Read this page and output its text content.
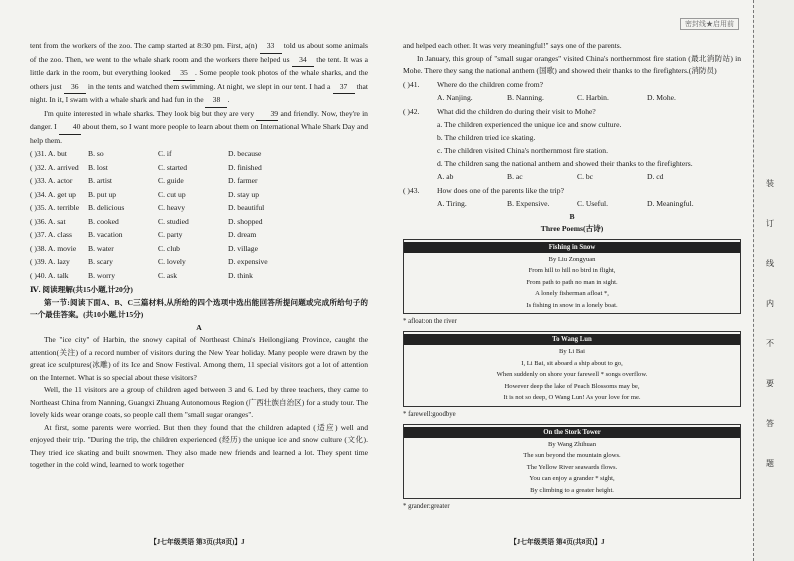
密封线★启用前

tent from the workers of the zoo. The camp started at 8:30 pm. First, a(n) 33 told us about some animals of the zoo. Then, we went to the whale shark room and the workers there helped us 34 the tent. It was a little dark in the room, but everything looked 35 . Some people took photos of the whale sharks, and the others just 36 in the tents and watched them swimming. At night, we slept in our tent. I had a 37 that night. In it, I swam with a whale shark and had fun in the 38 .

I'm quite interested in whale sharks. They look big but they are very 39 and friendly. Now, they're in danger. I 40 about them, so I want more people to learn about them on International Whale Shark Day and help them.

( )31. A. but	B. so	C. if	D. because
( )32. A. arrived	B. lost	C. started	D. finished
( )33. A. actor	B. artist	C. guide	D. farmer
( )34. A. get up	B. put up	C. cut up	D. stay up
( )35. A. terrible	B. delicious	C. heavy	D. beautiful
( )36. A. sat	B. cooked	C. studied	D. shopped
( )37. A. class	B. vacation	C. party	D. dream
( )38. A. movie	B. water	C. club	D. village
( )39. A. lazy	B. scary	C. lovely	D. expensive
( )40. A. talk	B. worry	C. ask	D. think
Ⅳ. 阅读理解(共15小题,计20分)

第一节:阅读下面A、B、C三篇材料,从所给的四个选项中选出能回答所提问题或完成所给句子的一个最佳答案。(共10小题,计15分)

A

The "ice city" of Harbin, the snowy capital of Northeast China's Heilongjiang Province, caught the attention(关注) of a record number of visitors during the New Year holiday. Many people were drawn by the great ice sculptures(冰雕) of its Ice and Snow Festival. Among them, 11 special visitors got a lot of attention on the Internet. What is so special about these visitors?

Well, the 11 visitors are a group of children aged between 3 and 6. Led by three teachers, they came to Northeast China from Nanning, Guangxi Zhuang Autonomous Region (广西壮族自治区) for a study tour. The lovely kids wear orange coats, so people call them "small sugar oranges".

At first, some parents were worried. But then they found that the children adapted (适应) well and enjoyed their trip. "During the trip, the children experienced (经历) the unique ice and snow culture (文化). They tried ice skating and built snowmen. They also made new friends and learned a lot. They spent time together in the cold wind, learned to work together

【J七年级英语 第3页(共8页)】J

and helped each other. It was very meaningful!" says one of the parents.

In January, this group of "small sugar oranges" visited China's northernmost fire station (最北消防站) in Mohe. There they sang the national anthem (国歌) and showed their thanks to the firefighters.(消防员)

( )41.	Where do the children come from?
A. Nanjing.	B. Nanning.	C. Harbin.	D. Mohe.
( )42.	What did the children do during their visit to Mohe?
a. The children experienced the unique ice and snow culture.
b. The children tried ice skating.
c. The children visited China's northernmost fire station.
d. The children sang the national anthem and showed their thanks to the firefighters.
A. ab	B. ac	C. bc	D. cd
( )43.	How does one of the parents like the trip?
A. Tiring.	B. Expensive.	C. Useful.	D. Meaningful.
B
Three Poems(古诗)
Fishing in Snow
By Liu Zongyuan
From hill to hill no bird in flight,
From path to path no man in sight.
A lonely fisherman afloat *,
Is fishing in snow in a lonely boat.
* afloat:on the river
To Wang Lun
By Li Bai
I, Li Bai, sit aboard a ship about to go,
When suddenly on shore your farewell * songs overflow.
However deep the lake of Peach Blossoms may be,
It is not so deep, O Wang Lun! As your love for me.
* farewell:goodbye
On the Stork Tower
By Wang Zhihuan
The sun beyond the mountain glows.
The Yellow River seawards flows.
You can enjoy a grander * sight,
By climbing to a greater height.
* grander:greater
【J七年级英语 第4页(共8页)】J
装
订
线
内
不
要
答
题
